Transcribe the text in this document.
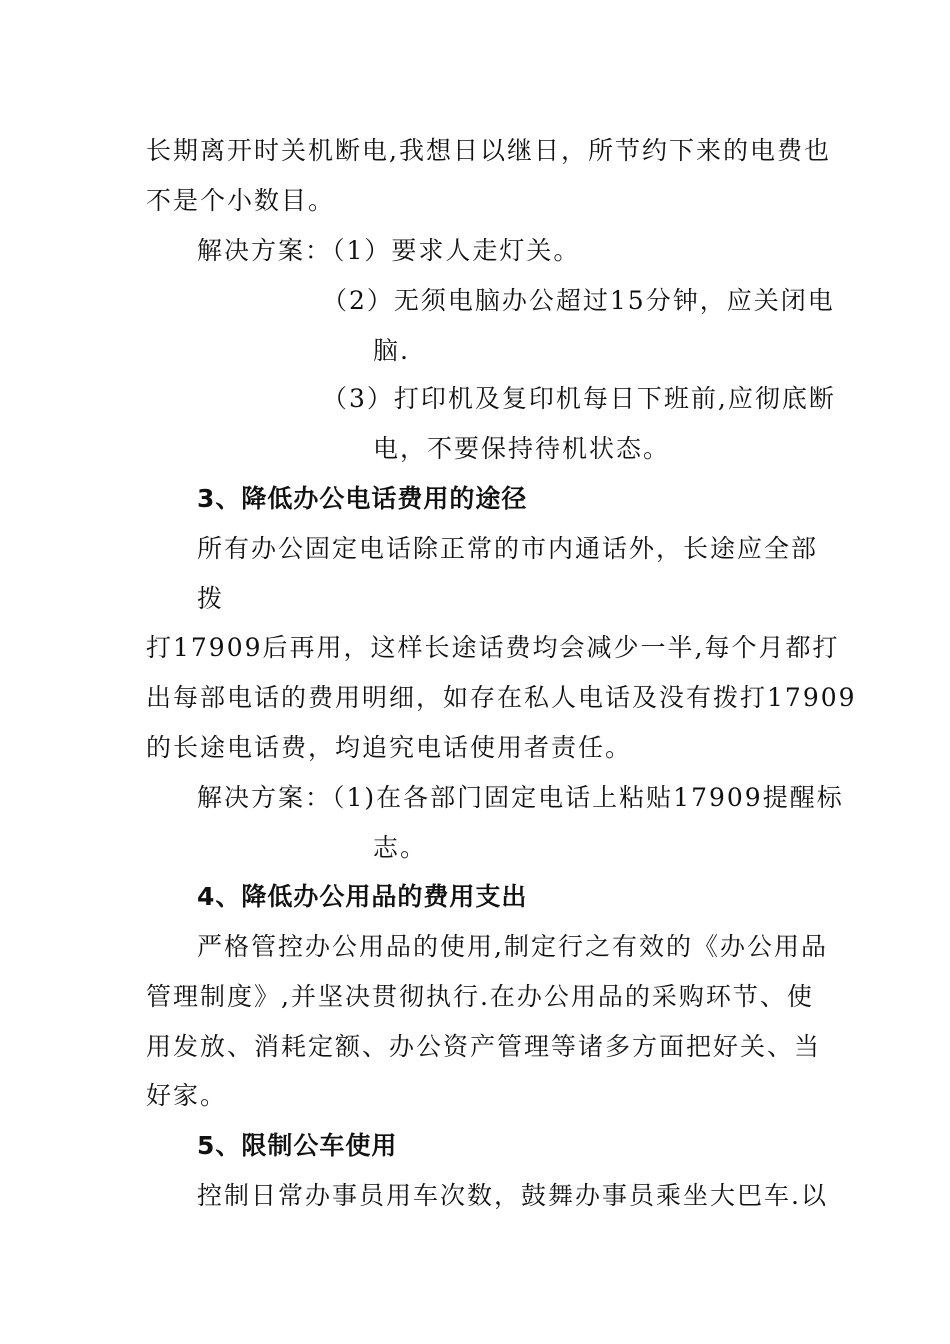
长期离开时关机断电,我想日以继日，所节约下来的电费也
不是个小数目。
解决方案：（1）要求人走灯关。
（2）无须电脑办公超过15分钟，应关闭电
脑.
（3）打印机及复印机每日下班前,应彻底断
电，不要保持待机状态。
3、降低办公电话费用的途径
所有办公固定电话除正常的市内通话外，长途应全部
拨
打17909后再用，这样长途话费均会减少一半,每个月都打
出每部电话的费用明细，如存在私人电话及没有拨打17909
的长途电话费，均追究电话使用者责任。
解决方案：（1)在各部门固定电话上粘贴17909提醒标
志。
4、降低办公用品的费用支出
严格管控办公用品的使用,制定行之有效的《办公用品
管理制度》,并坚决贯彻执行.在办公用品的采购环节、使
用发放、消耗定额、办公资产管理等诸多方面把好关、当
好家。
5、限制公车使用
控制日常办事员用车次数，鼓舞办事员乘坐大巴车.以
